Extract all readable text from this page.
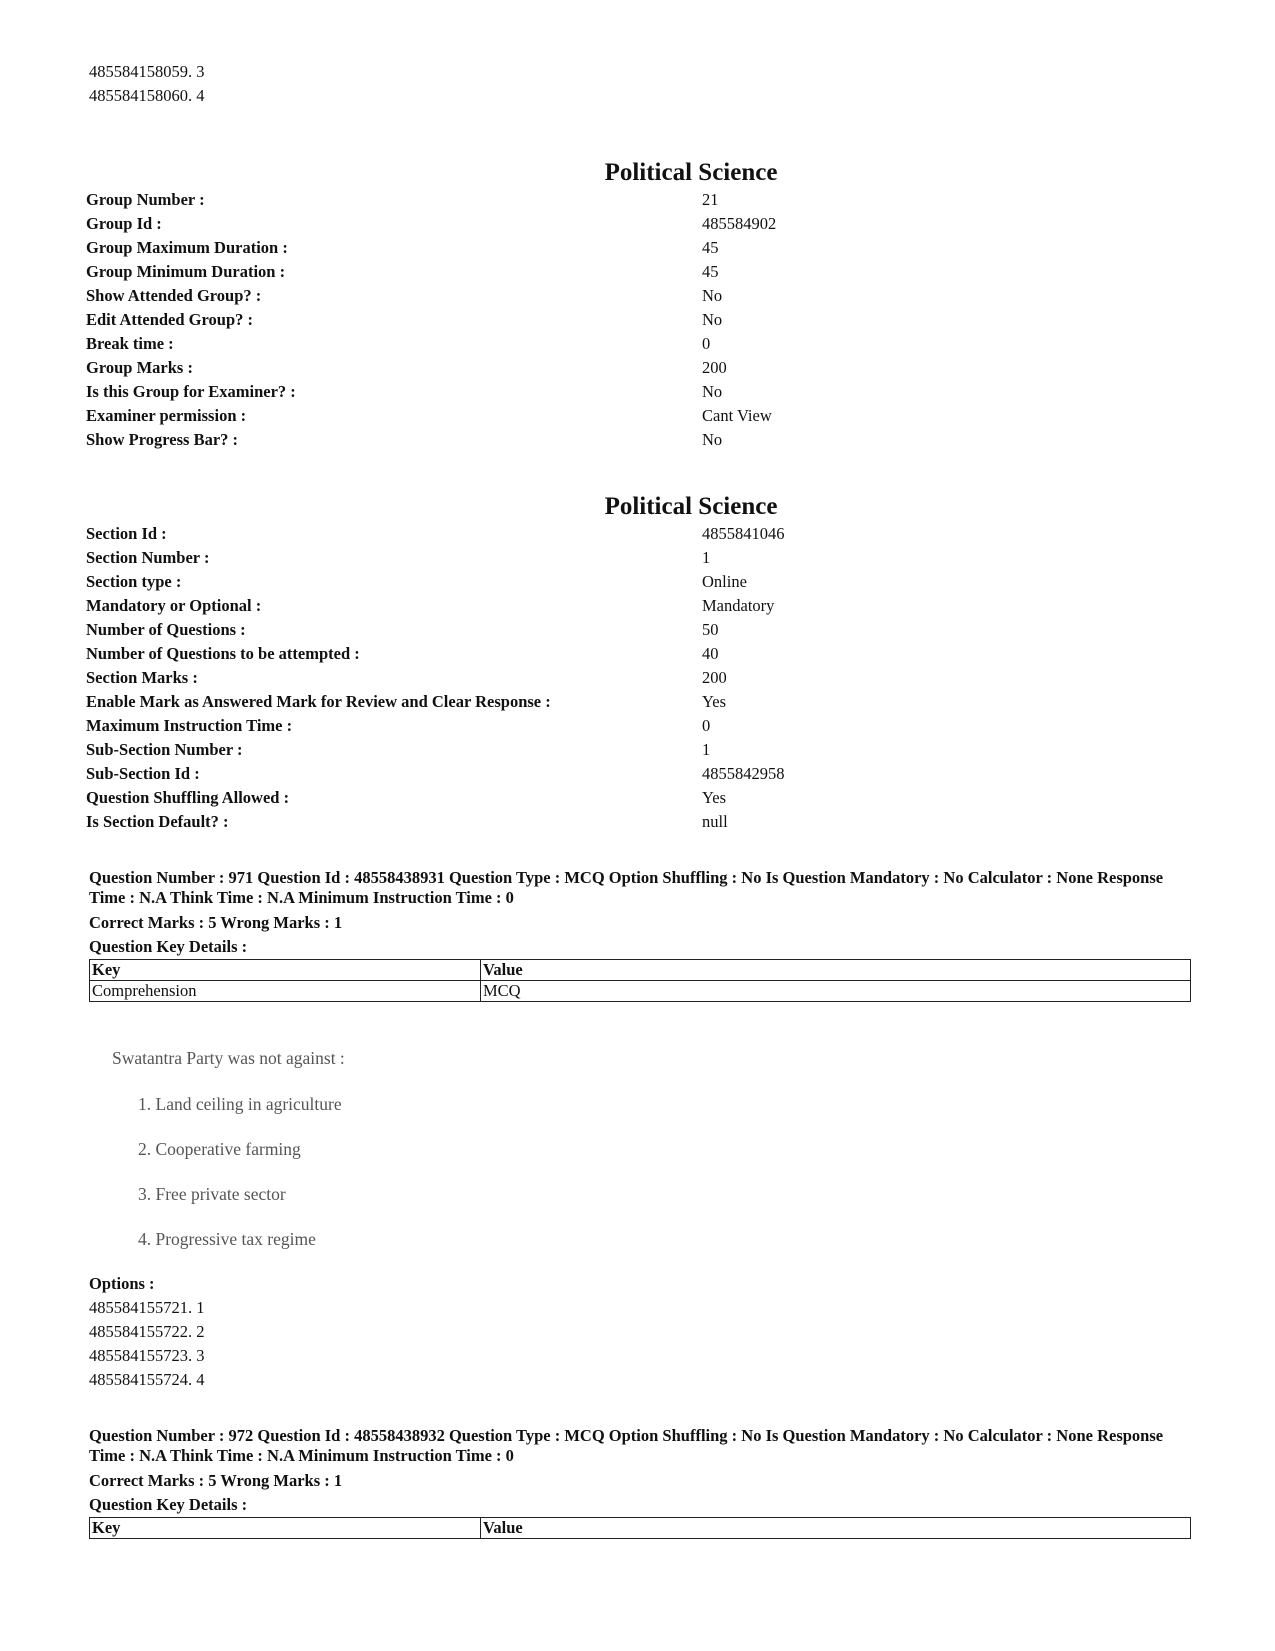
485584158059. 3
485584158060. 4
Political Science
Group Number :	21
Group Id :	485584902
Group Maximum Duration :	45
Group Minimum Duration :	45
Show Attended Group? :	No
Edit Attended Group? :	No
Break time :	0
Group Marks :	200
Is this Group for Examiner? :	No
Examiner permission :	Cant View
Show Progress Bar? :	No
Political Science
Section Id :	4855841046
Section Number :	1
Section type :	Online
Mandatory or Optional :	Mandatory
Number of Questions :	50
Number of Questions to be attempted :	40
Section Marks :	200
Enable Mark as Answered Mark for Review and Clear Response :	Yes
Maximum Instruction Time :	0
Sub-Section Number :	1
Sub-Section Id :	4855842958
Question Shuffling Allowed :	Yes
Is Section Default? :	null
Question Number : 971 Question Id : 48558438931 Question Type : MCQ Option Shuffling : No Is Question Mandatory : No Calculator : None Response Time : N.A Think Time : N.A Minimum Instruction Time : 0
Correct Marks : 5 Wrong Marks : 1
Question Key Details :
Key	Value
Comprehension	MCQ
Swatantra Party was not against :
1. Land ceiling in agriculture
2. Cooperative farming
3. Free private sector
4. Progressive tax regime
Options :
485584155721. 1
485584155722. 2
485584155723. 3
485584155724. 4
Question Number : 972 Question Id : 48558438932 Question Type : MCQ Option Shuffling : No Is Question Mandatory : No Calculator : None Response Time : N.A Think Time : N.A Minimum Instruction Time : 0
Correct Marks : 5 Wrong Marks : 1
Question Key Details :
Key	Value
